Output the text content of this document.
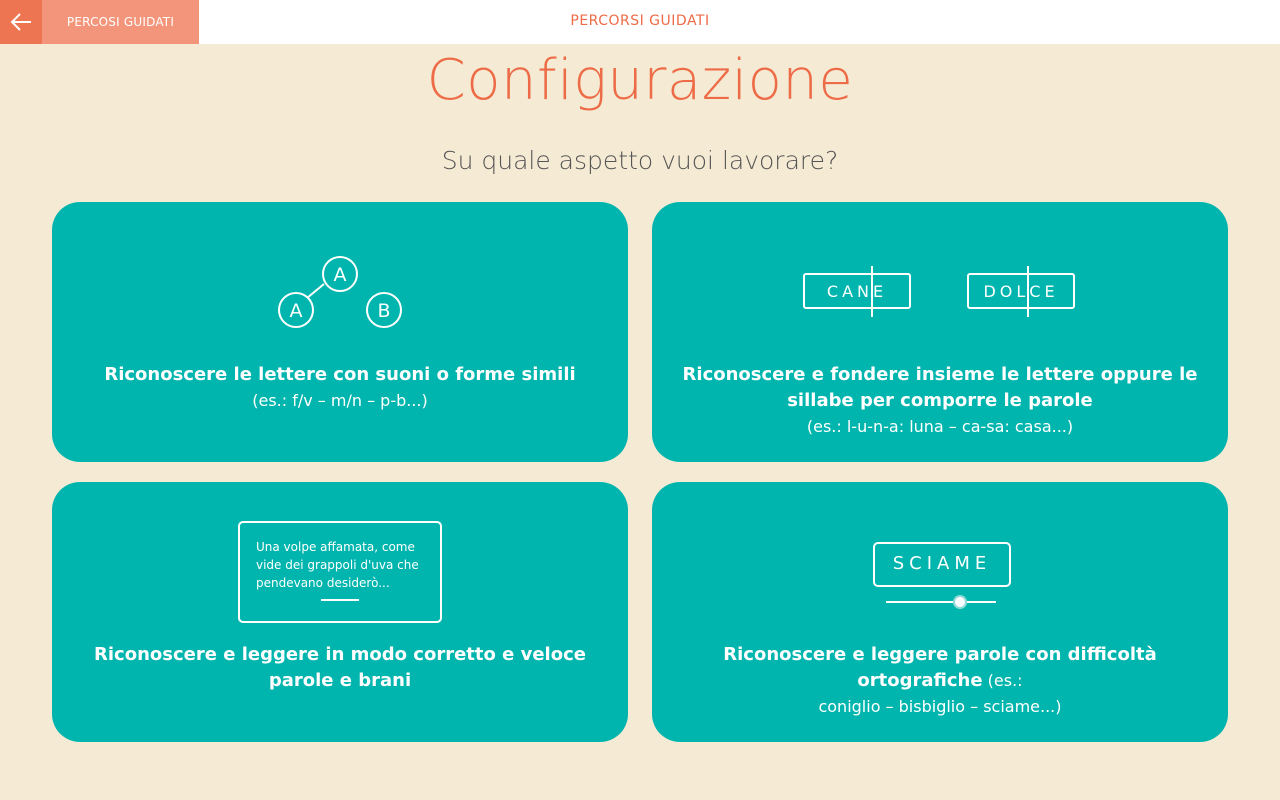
PERCOSI GUIDATI	PERCORSI GUIDATI
Configurazione
Su quale aspetto vuoi lavorare?
A
A	B
Riconoscere le lettere con suoni o forme simili
(es.: f/v – m/n – p-b...)
CANE	DOLCE
Riconoscere e fondere insieme le lettere oppure le sillabe per comporre le parole
(es.: l-u-n-a: luna – ca-sa: casa...)
Una volpe affamata, come
vide dei grappoli d'uva che
pendevano desiderò...
Riconoscere e leggere in modo corretto e veloce parole e brani
SCIAME
Riconoscere e leggere parole con difficoltà ortografiche (es.:
coniglio – bisbiglio – sciame...)
